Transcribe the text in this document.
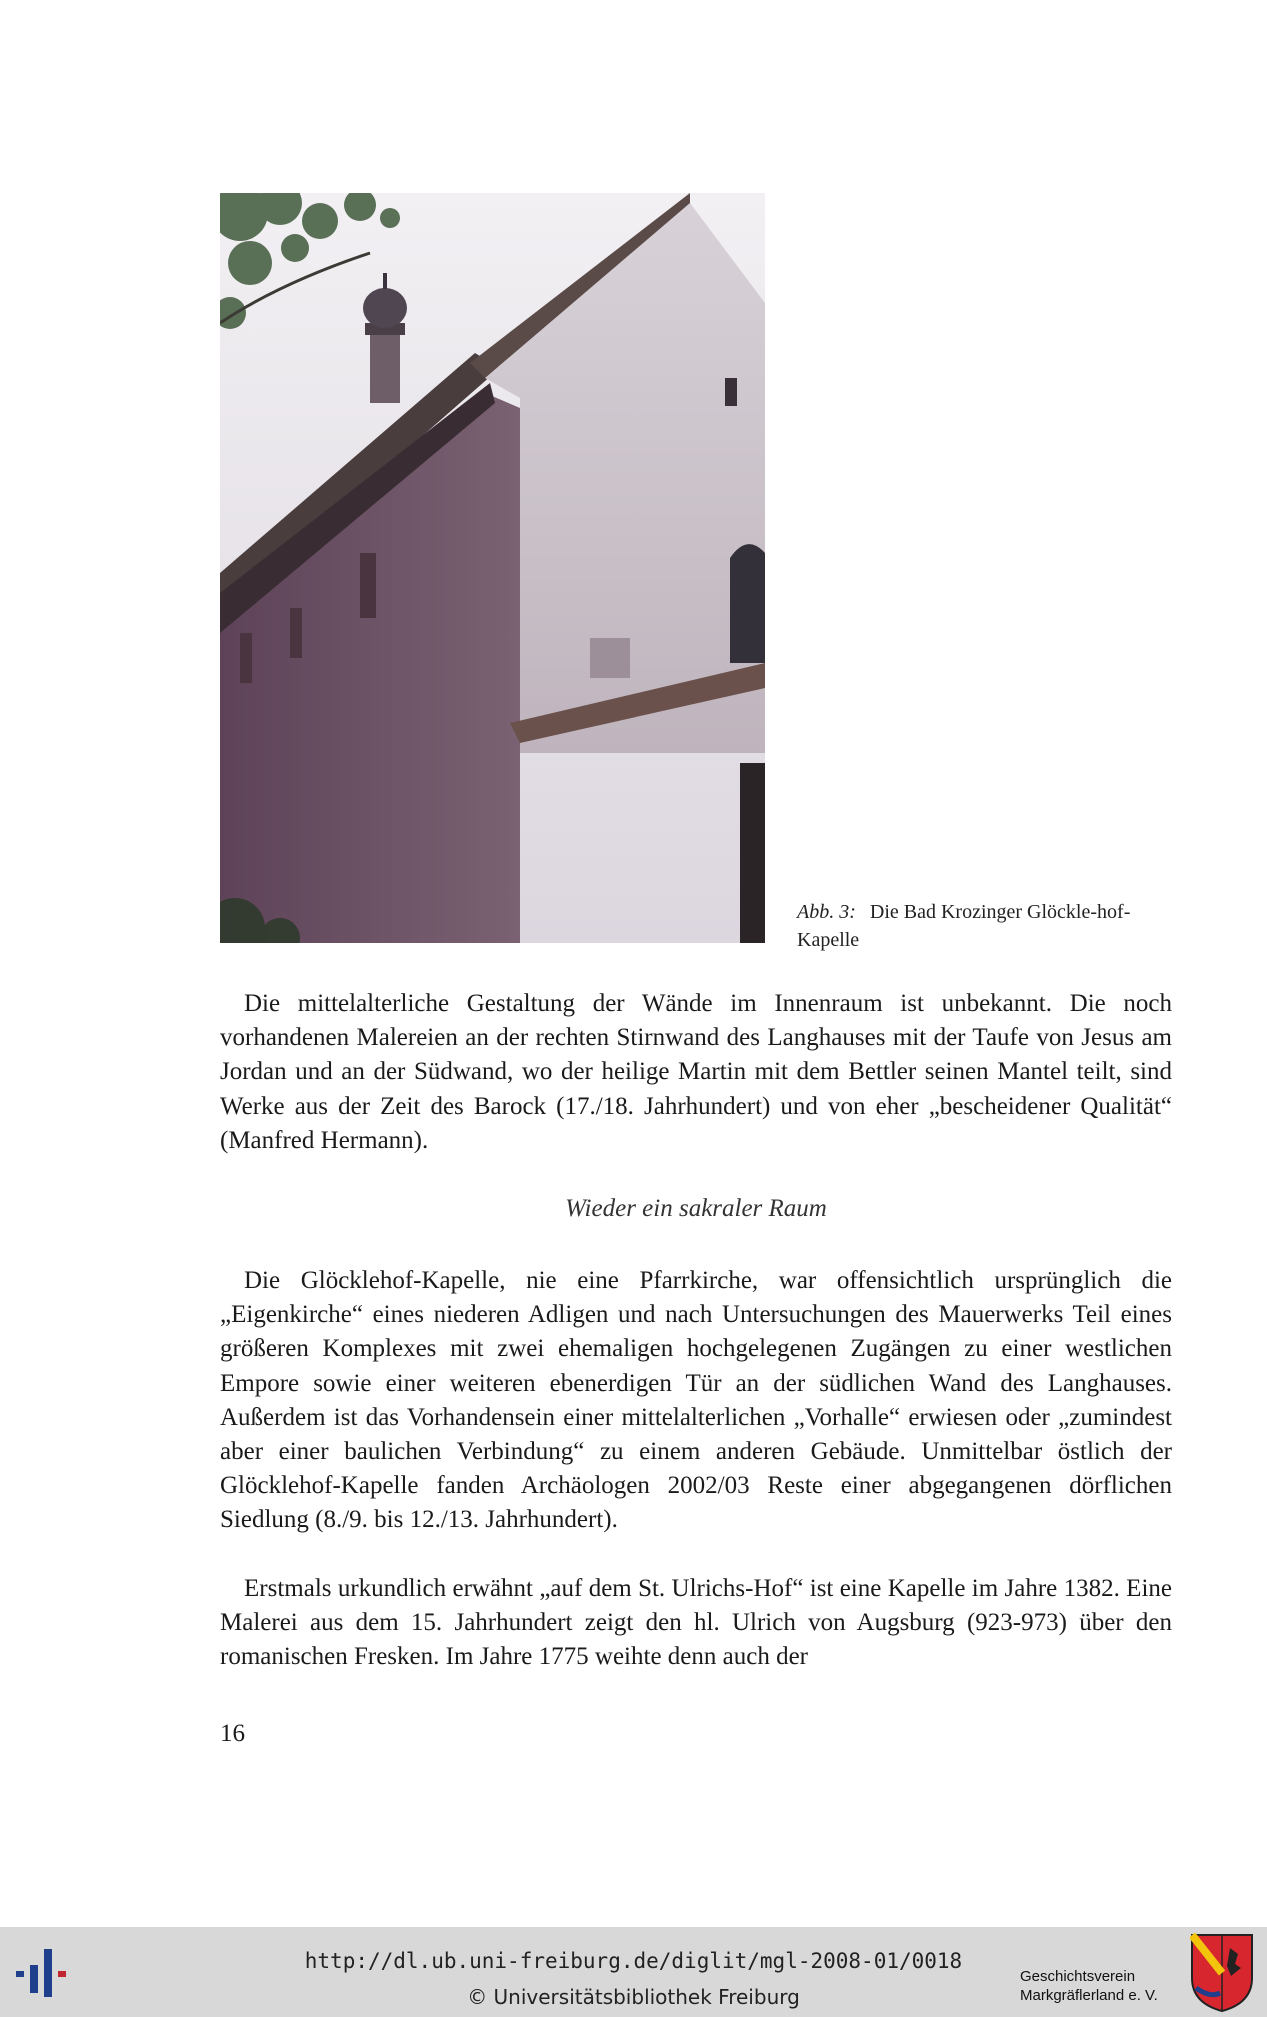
Abb. 3: Die Bad Krozinger Glöckle-hof-Kapelle

Die mittelalterliche Gestaltung der Wände im Innenraum ist unbekannt. Die noch vorhandenen Malereien an der rechten Stirnwand des Langhauses mit der Taufe von Jesus am Jordan und an der Südwand, wo der heilige Martin mit dem Bettler seinen Mantel teilt, sind Werke aus der Zeit des Barock (17./18. Jahrhundert) und von eher „bescheidener Qualität“ (Manfred Hermann).

Wieder ein sakraler Raum

Die Glöcklehof-Kapelle, nie eine Pfarrkirche, war offensichtlich ursprünglich die „Eigenkirche“ eines niederen Adligen und nach Untersuchungen des Mauerwerks Teil eines größeren Komplexes mit zwei ehemaligen hochgelegenen Zugängen zu einer westlichen Empore sowie einer weiteren ebenerdigen Tür an der südlichen Wand des Langhauses. Außerdem ist das Vorhandensein einer mittelalterlichen „Vorhalle“ erwiesen oder „zumindest aber einer baulichen Verbindung“ zu einem anderen Gebäude. Unmittelbar östlich der Glöcklehof-Kapelle fanden Archäologen 2002/03 Reste einer abgegangenen dörflichen Siedlung (8./9. bis 12./13. Jahrhundert).

Erstmals urkundlich erwähnt „auf dem St. Ulrichs-Hof“ ist eine Kapelle im Jahre 1382. Eine Malerei aus dem 15. Jahrhundert zeigt den hl. Ulrich von Augsburg (923-973) über den romanischen Fresken. Im Jahre 1775 weihte denn auch der

16
http://dl.ub.uni-freiburg.de/diglit/mgl-2008-01/0018
© Universitätsbibliothek Freiburg
Geschichtsverein
Markgräflerland e. V.
